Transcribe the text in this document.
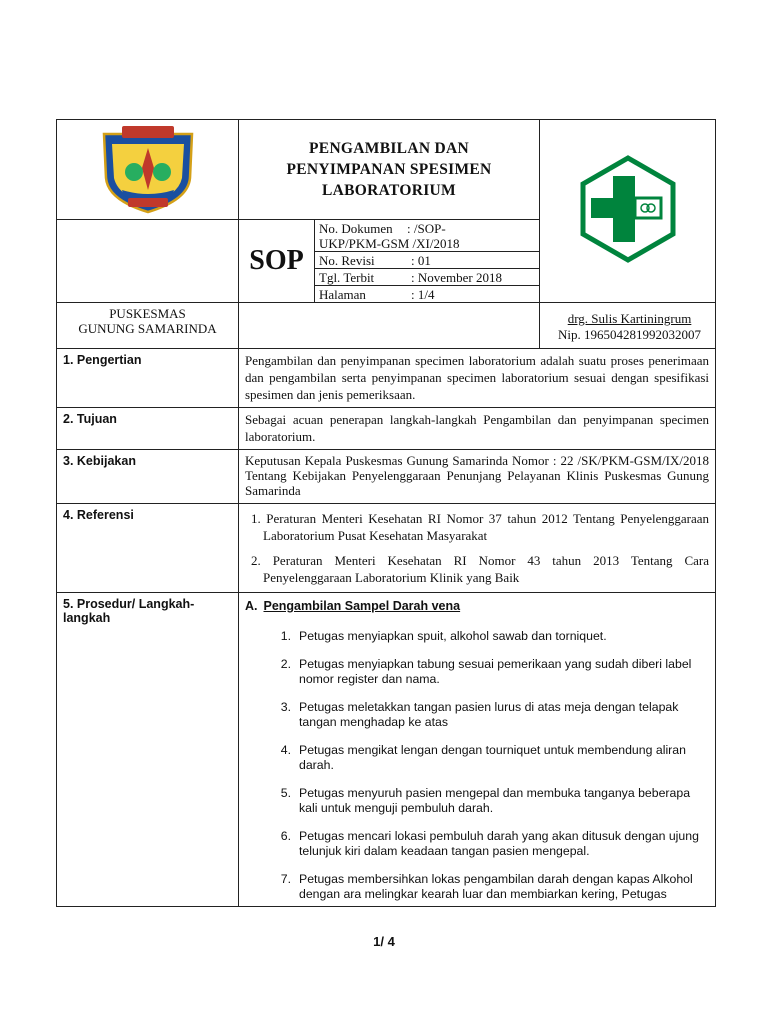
PENGAMBILAN DAN
PENYIMPANAN SPESIMEN
LABORATORIUM

	SOP	
No. Dokumen : /SOP-
UKP/PKM-GSM /XI/2018
No. Revisi	: 01
Tgl. Terbit	: November 2018
Halaman	: 1/4

PUSKESMAS
GUNUNG SAMARINDA

drg. Sulis Kartiningrum
Nip. 196504281992032007

1. Pengertian	Pengambilan dan penyimpanan specimen laboratorium adalah suatu proses penerimaan dan pengambilan serta penyimpanan specimen laboratorium sesuai dengan spesifikasi spesimen dan jenis pemeriksaan.
2. Tujuan	Sebagai acuan penerapan langkah-langkah Pengambilan dan penyimpanan specimen laboratorium.
3. Kebijakan	Keputusan Kepala Puskesmas Gunung Samarinda Nomor : 22 /SK/PKM-GSM/IX/2018 Tentang Kebijakan Penyelenggaraan Penunjang Pelayanan Klinis Puskesmas Gunung Samarinda
4. Referensi	1. Peraturan Menteri Kesehatan RI Nomor 37 tahun 2012 Tentang Penyelenggaraan Laboratorium Pusat Kesehatan Masyarakat
2. Peraturan Menteri Kesehatan RI Nomor 43 tahun 2013 Tentang Cara Penyelenggaraan Laboratorium Klinik yang Baik

5. Prosedur/ Langkah-
langkah

A. Pengambilan Sampel Darah vena
1. Petugas menyiapkan spuit, alkohol sawab dan torniquet.
2. Petugas menyiapkan tabung sesuai pemerikaan yang sudah diberi label nomor register dan nama.
3. Petugas meletakkan tangan pasien lurus di atas meja dengan telapak tangan menghadap ke atas
4. Petugas mengikat lengan dengan tourniquet untuk membendung aliran darah.
5. Petugas menyuruh pasien mengepal dan membuka tanganya beberapa kali untuk menguji pembuluh darah.
6. Petugas mencari lokasi pembuluh darah yang akan ditusuk dengan ujung telunjuk kiri dalam keadaan tangan pasien mengepal.
7. Petugas membersihkan lokas pengambilan darah dengan kapas Alkohol dengan ara melingkar kearah luar dan membiarkan kering, Petugas
1/ 4
